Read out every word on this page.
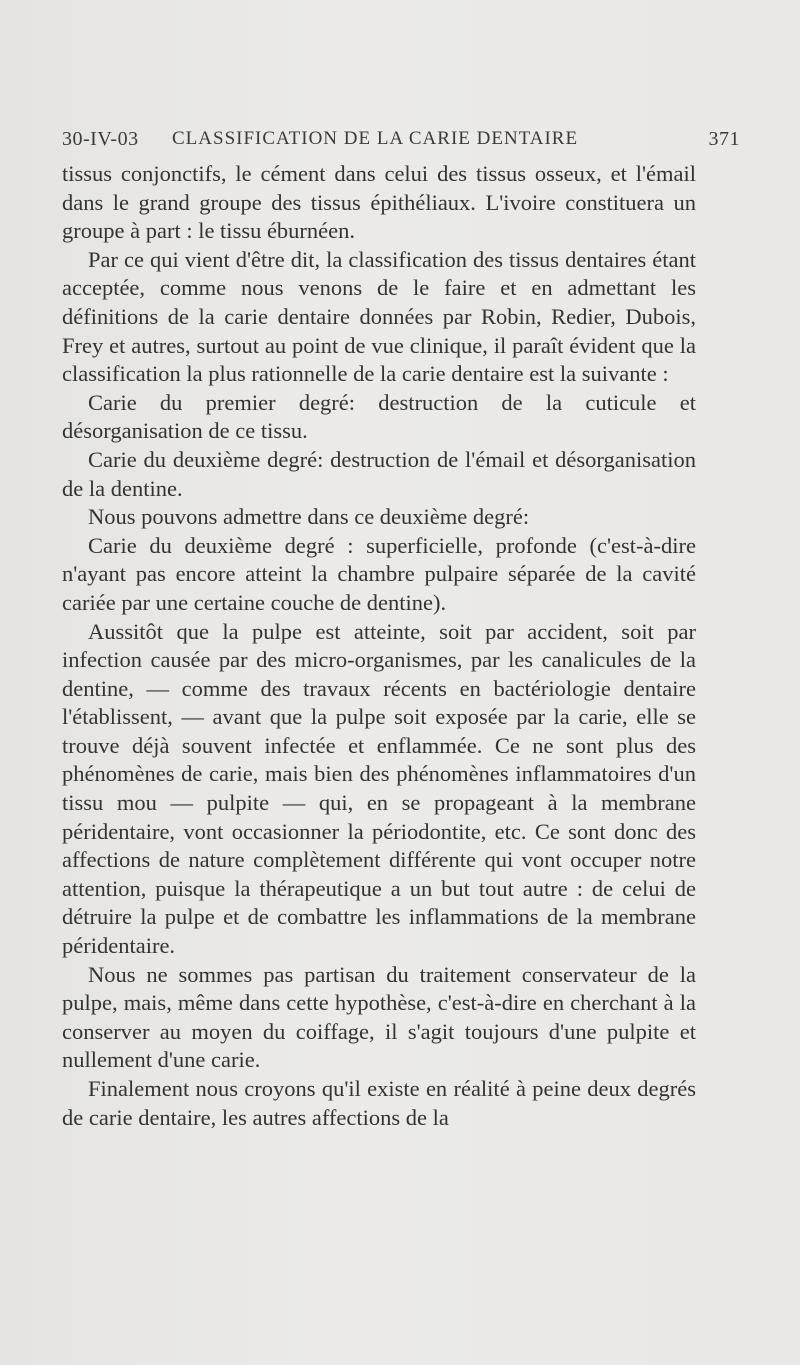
30-IV-03 CLASSIFICATION DE LA CARIE DENTAIRE	371

tissus conjonctifs, le cément dans celui des tissus osseux, et l'émail dans le grand groupe des tissus épithéliaux. L'ivoire constituera un groupe à part : le tissu éburnéen.

Par ce qui vient d'être dit, la classification des tissus dentaires étant acceptée, comme nous venons de le faire et en admettant les définitions de la carie dentaire données par Robin, Redier, Dubois, Frey et autres, surtout au point de vue clinique, il paraît évident que la classification la plus rationnelle de la carie dentaire est la suivante :

Carie du premier degré: destruction de la cuticule et désorganisation de ce tissu.

Carie du deuxième degré: destruction de l'émail et désorganisation de la dentine.

Nous pouvons admettre dans ce deuxième degré:

Carie du deuxième degré : superficielle, profonde (c'est-à-dire n'ayant pas encore atteint la chambre pulpaire séparée de la cavité cariée par une certaine couche de dentine).

Aussitôt que la pulpe est atteinte, soit par accident, soit par infection causée par des micro-organismes, par les canalicules de la dentine, — comme des travaux récents en bactériologie dentaire l'établissent, — avant que la pulpe soit exposée par la carie, elle se trouve déjà souvent infectée et enflammée. Ce ne sont plus des phénomènes de carie, mais bien des phénomènes inflammatoires d'un tissu mou — pulpite — qui, en se propageant à la membrane péridentaire, vont occasionner la périodontite, etc. Ce sont donc des affections de nature complètement différente qui vont occuper notre attention, puisque la thérapeutique a un but tout autre : de celui de détruire la pulpe et de combattre les inflammations de la membrane péridentaire.

Nous ne sommes pas partisan du traitement conservateur de la pulpe, mais, même dans cette hypothèse, c'est-à-dire en cherchant à la conserver au moyen du coiffage, il s'agit toujours d'une pulpite et nullement d'une carie.

Finalement nous croyons qu'il existe en réalité à peine deux degrés de carie dentaire, les autres affections de la
